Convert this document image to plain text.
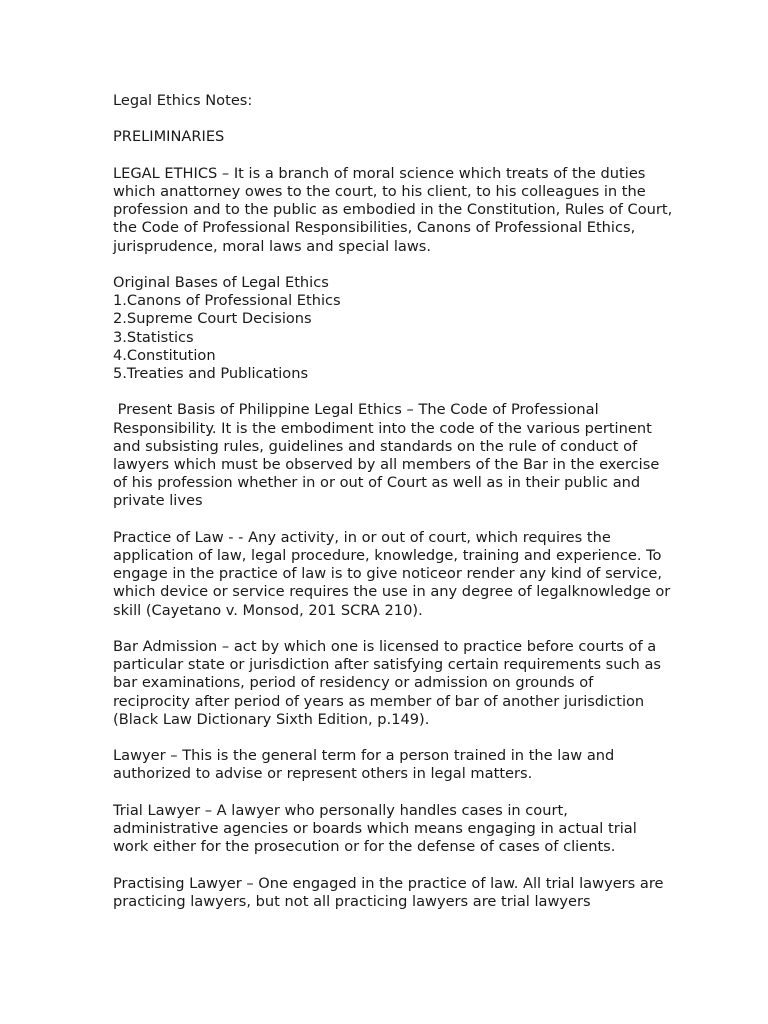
Legal Ethics Notes:

PRELIMINARIES

LEGAL ETHICS – It is a branch of moral science which treats of the duties which anattorney owes to the court, to his client, to his colleagues in the profession and to the public as embodied in the Constitution, Rules of Court, the Code of Professional Responsibilities, Canons of Professional Ethics, jurisprudence, moral laws and special laws.

Original Bases of Legal Ethics
1.Canons of Professional Ethics
2.Supreme Court Decisions
3.Statistics
4.Constitution
5.Treaties and Publications

Present Basis of Philippine Legal Ethics – The Code of Professional Responsibility. It is the embodiment into the code of the various pertinent and subsisting rules, guidelines and standards on the rule of conduct of lawyers which must be observed by all members of the Bar in the exercise of his profession whether in or out of Court as well as in their public and private lives

Practice of Law - - Any activity, in or out of court, which requires the application of law, legal procedure, knowledge, training and experience. To engage in the practice of law is to give noticeor render any kind of service, which device or service requires the use in any degree of legalknowledge or skill (Cayetano v. Monsod, 201 SCRA 210).

Bar Admission – act by which one is licensed to practice before courts of a particular state or jurisdiction after satisfying certain requirements such as bar examinations, period of residency or admission on grounds of reciprocity after period of years as member of bar of another jurisdiction (Black Law Dictionary Sixth Edition, p.149).

Lawyer – This is the general term for a person trained in the law and authorized to advise or represent others in legal matters.

Trial Lawyer – A lawyer who personally handles cases in court, administrative agencies or boards which means engaging in actual trial work either for the prosecution or for the defense of cases of clients.

Practising Lawyer – One engaged in the practice of law. All trial lawyers are practicing lawyers, but not all practicing lawyers are trial lawyers
